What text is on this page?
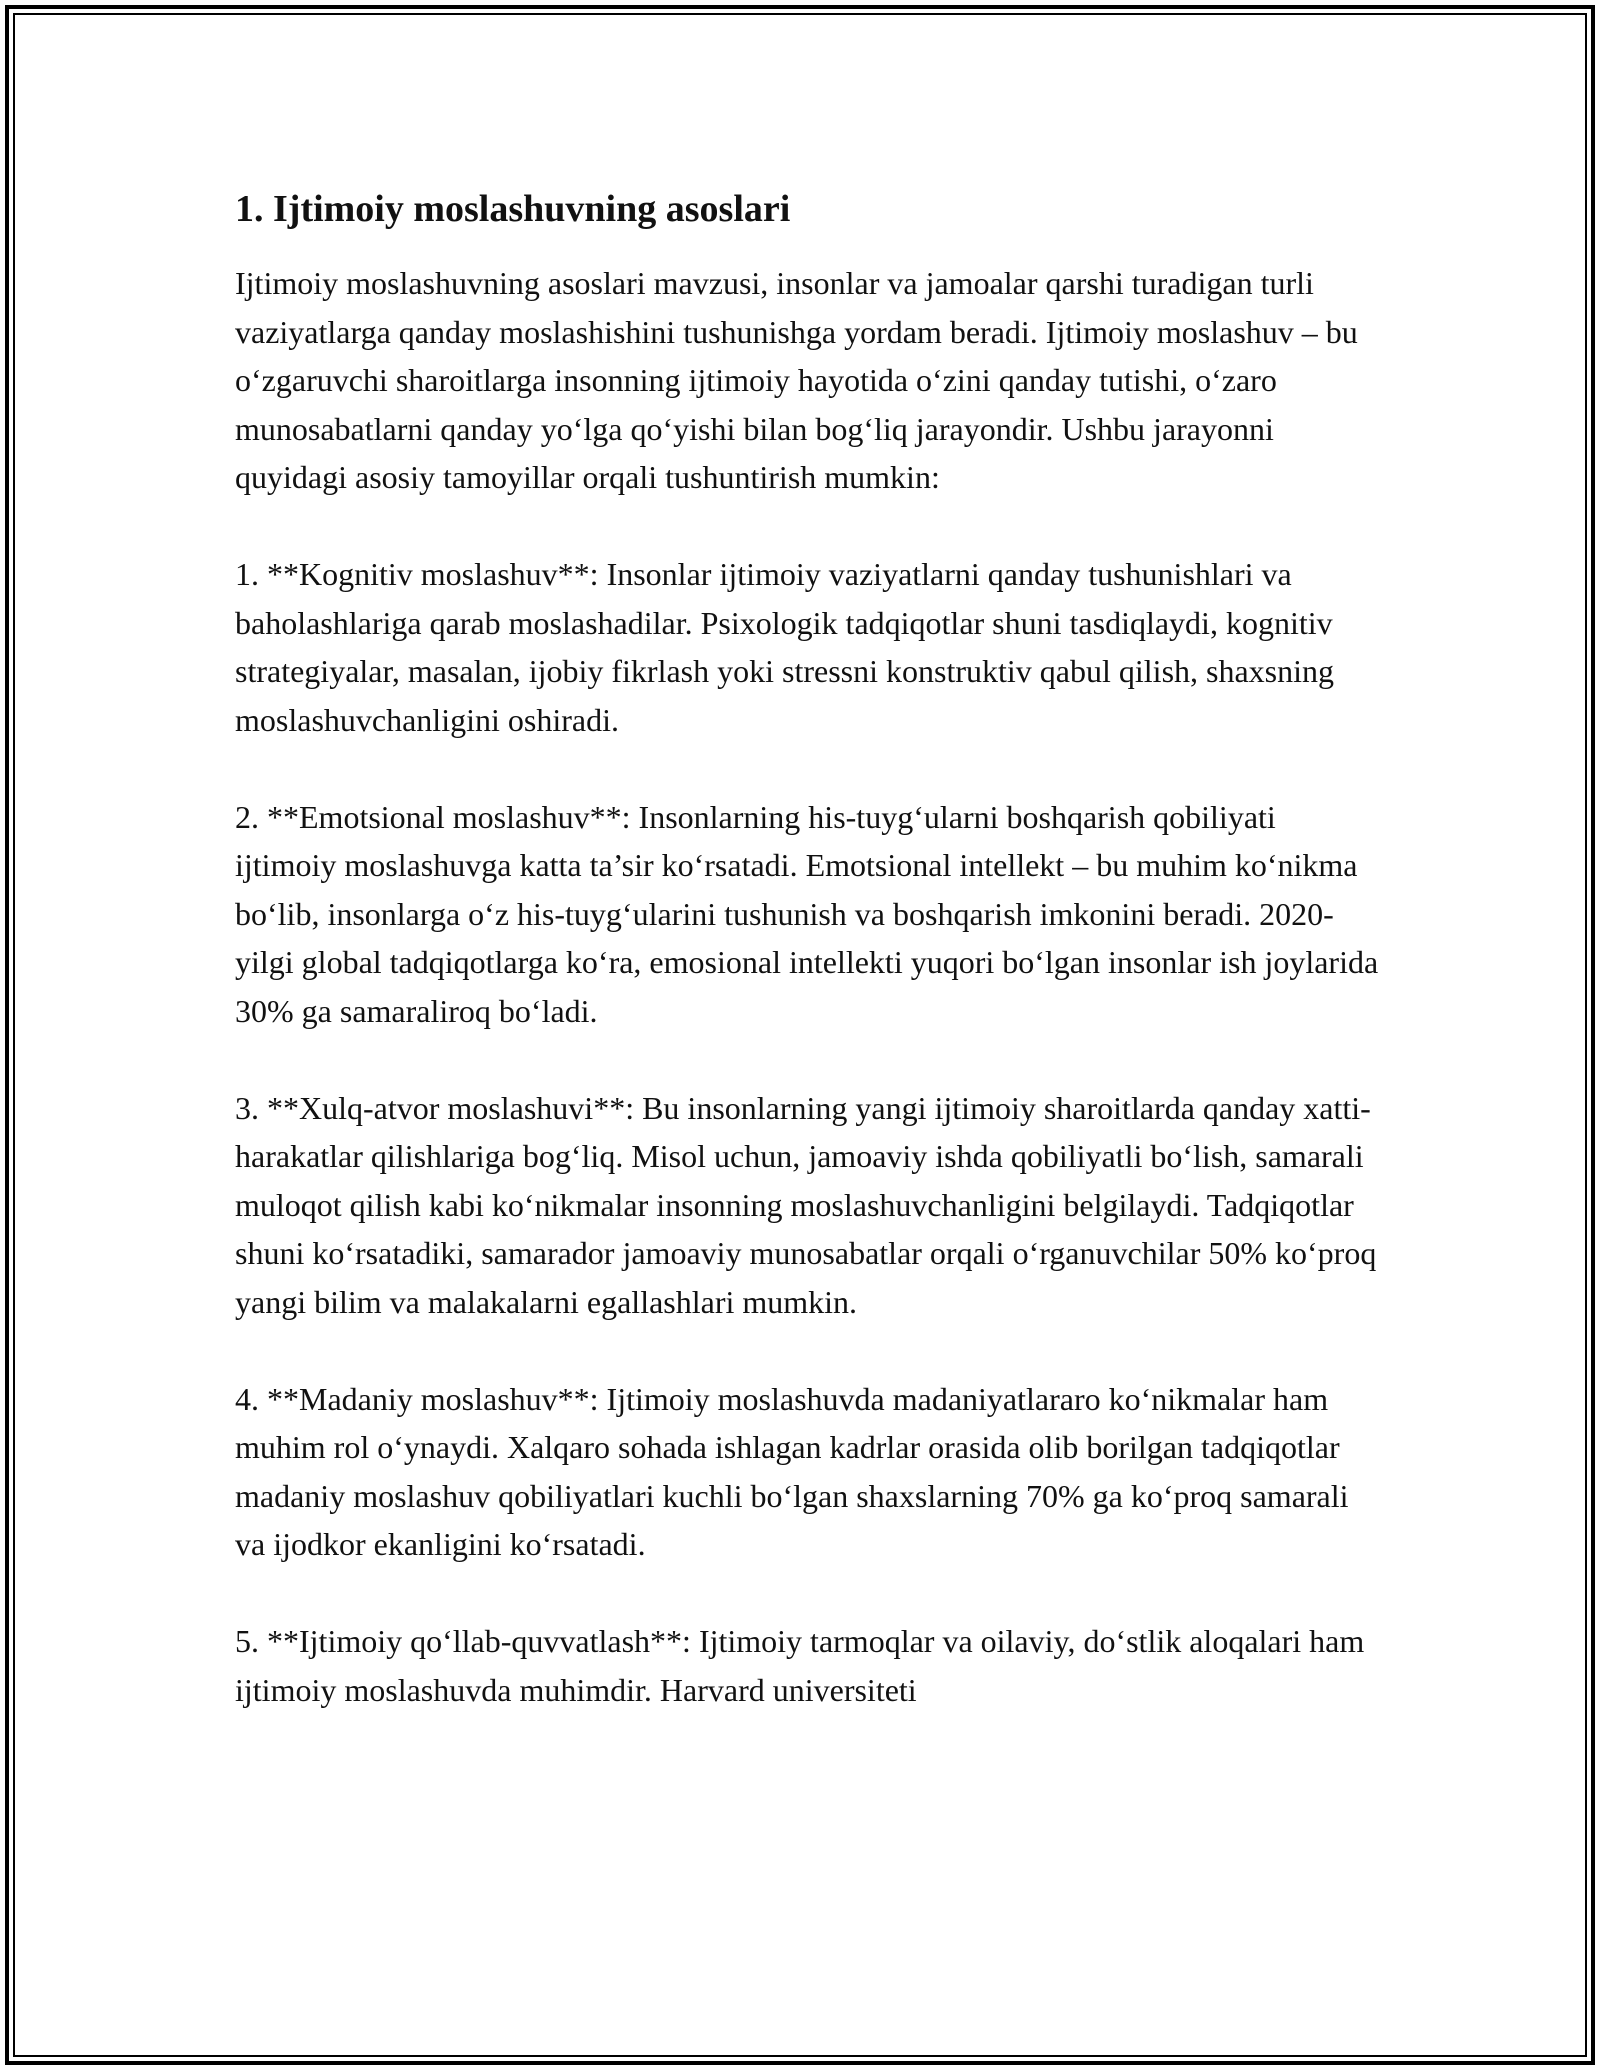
1. Ijtimoiy moslashuvning asoslari

Ijtimoiy moslashuvning asoslari mavzusi, insonlar va jamoalar qarshi turadigan turli vaziyatlarga qanday moslashishini tushunishga yordam beradi. Ijtimoiy moslashuv – bu o‘zgaruvchi sharoitlarga insonning ijtimoiy hayotida o‘zini qanday tutishi, o‘zaro munosabatlarni qanday yo‘lga qo‘yishi bilan bog‘liq jarayondir. Ushbu jarayonni quyidagi asosiy tamoyillar orqali tushuntirish mumkin:

1. **Kognitiv moslashuv**: Insonlar ijtimoiy vaziyatlarni qanday tushunishlari va baholashlariga qarab moslashadilar. Psixologik tadqiqotlar shuni tasdiqlaydi, kognitiv strategiyalar, masalan, ijobiy fikrlash yoki stressni konstruktiv qabul qilish, shaxsning moslashuvchanligini oshiradi.

2. **Emotsional moslashuv**: Insonlarning his-tuyg‘ularni boshqarish qobiliyati ijtimoiy moslashuvga katta ta’sir ko‘rsatadi. Emotsional intellekt – bu muhim ko‘nikma bo‘lib, insonlarga o‘z his-tuyg‘ularini tushunish va boshqarish imkonini beradi. 2020-yilgi global tadqiqotlarga ko‘ra, emosional intellekti yuqori bo‘lgan insonlar ish joylarida 30% ga samaraliroq bo‘ladi.

3. **Xulq-atvor moslashuvi**: Bu insonlarning yangi ijtimoiy sharoitlarda qanday xatti-harakatlar qilishlariga bog‘liq. Misol uchun, jamoaviy ishda qobiliyatli bo‘lish, samarali muloqot qilish kabi ko‘nikmalar insonning moslashuvchanligini belgilaydi. Tadqiqotlar shuni ko‘rsatadiki, samarador jamoaviy munosabatlar orqali o‘rganuvchilar 50% ko‘proq yangi bilim va malakalarni egallashlari mumkin.

4. **Madaniy moslashuv**: Ijtimoiy moslashuvda madaniyatlararo ko‘nikmalar ham muhim rol o‘ynaydi. Xalqaro sohada ishlagan kadrlar orasida olib borilgan tadqiqotlar madaniy moslashuv qobiliyatlari kuchli bo‘lgan shaxslarning 70% ga ko‘proq samarali va ijodkor ekanligini ko‘rsatadi.

5. **Ijtimoiy qo‘llab-quvvatlash**: Ijtimoiy tarmoqlar va oilaviy, do‘stlik aloqalari ham ijtimoiy moslashuvda muhimdir. Harvard universiteti
